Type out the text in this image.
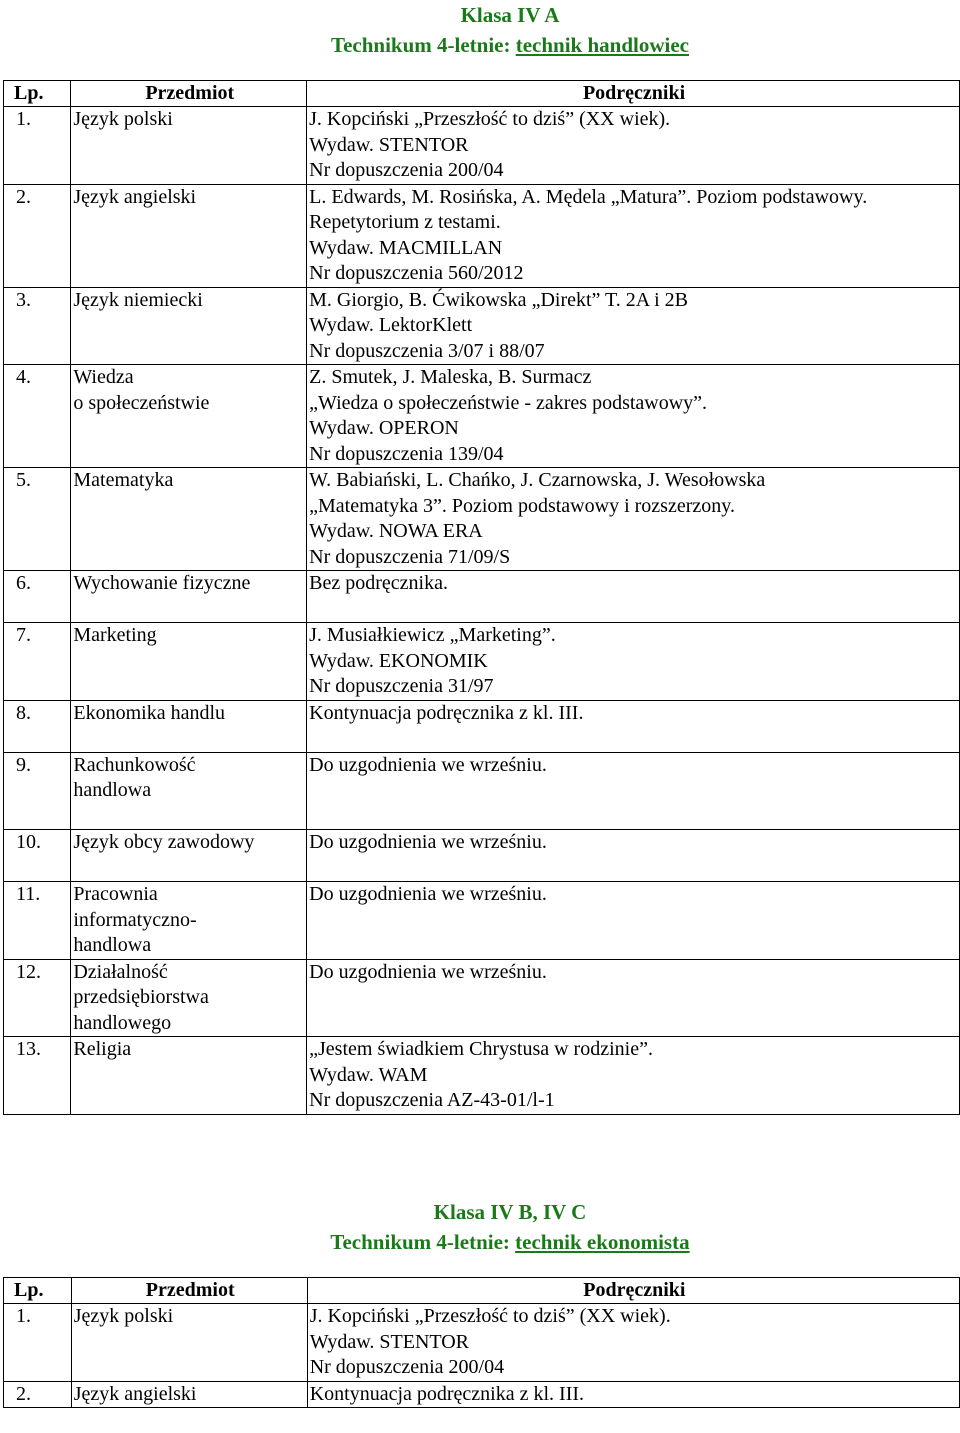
Klasa IV A
Technikum 4-letnie: technik handlowiec
Lp.	Przedmiot	Podręczniki
1.	Język polski	J. Kopciński „Przeszłość to dziś” (XX wiek).
Wydaw. STENTOR
Nr dopuszczenia 200/04

2.	Język angielski	L. Edwards, M. Rosińska, A. Mędela „Matura”. Poziom podstawowy.
Repetytorium z testami.
Wydaw. MACMILLAN
Nr dopuszczenia 560/2012

3.	Język niemiecki	M. Giorgio, B. Ćwikowska „Direkt” T. 2A i 2B
Wydaw. LektorKlett
Nr dopuszczenia 3/07 i 88/07

4.	Wiedza
o społeczeństwie	Z. Smutek, J. Maleska, B. Surmacz
„Wiedza o społeczeństwie - zakres podstawowy”.
Wydaw. OPERON
Nr dopuszczenia 139/04

5.	Matematyka	W. Babiański, L. Chańko, J. Czarnowska, J. Wesołowska
„Matematyka 3”. Poziom podstawowy i rozszerzony.
Wydaw. NOWA ERA
Nr dopuszczenia 71/09/S

6.	Wychowanie fizyczne	Bez podręcznika.

7.	Marketing	J. Musiałkiewicz „Marketing”.
Wydaw. EKONOMIK
Nr dopuszczenia 31/97

8.	Ekonomika handlu	Kontynuacja podręcznika z kl. III.

9.	Rachunkowość
handlowa	Do uzgodnienia we wrześniu.

10.	Język obcy zawodowy	Do uzgodnienia we wrześniu.

11.	Pracownia
informatyczno-
handlowa	Do uzgodnienia we wrześniu.

12.	Działalność
przedsiębiorstwa
handlowego	Do uzgodnienia we wrześniu.

13.	Religia	„Jestem świadkiem Chrystusa w rodzinie”.
Wydaw. WAM
Nr dopuszczenia AZ-43-01/l-1
Klasa IV B, IV C
Technikum 4-letnie: technik ekonomista
Lp.	Przedmiot	Podręczniki
1.	Język polski	J. Kopciński „Przeszłość to dziś” (XX wiek).
Wydaw. STENTOR
Nr dopuszczenia 200/04

2.	Język angielski	Kontynuacja podręcznika z kl. III.
